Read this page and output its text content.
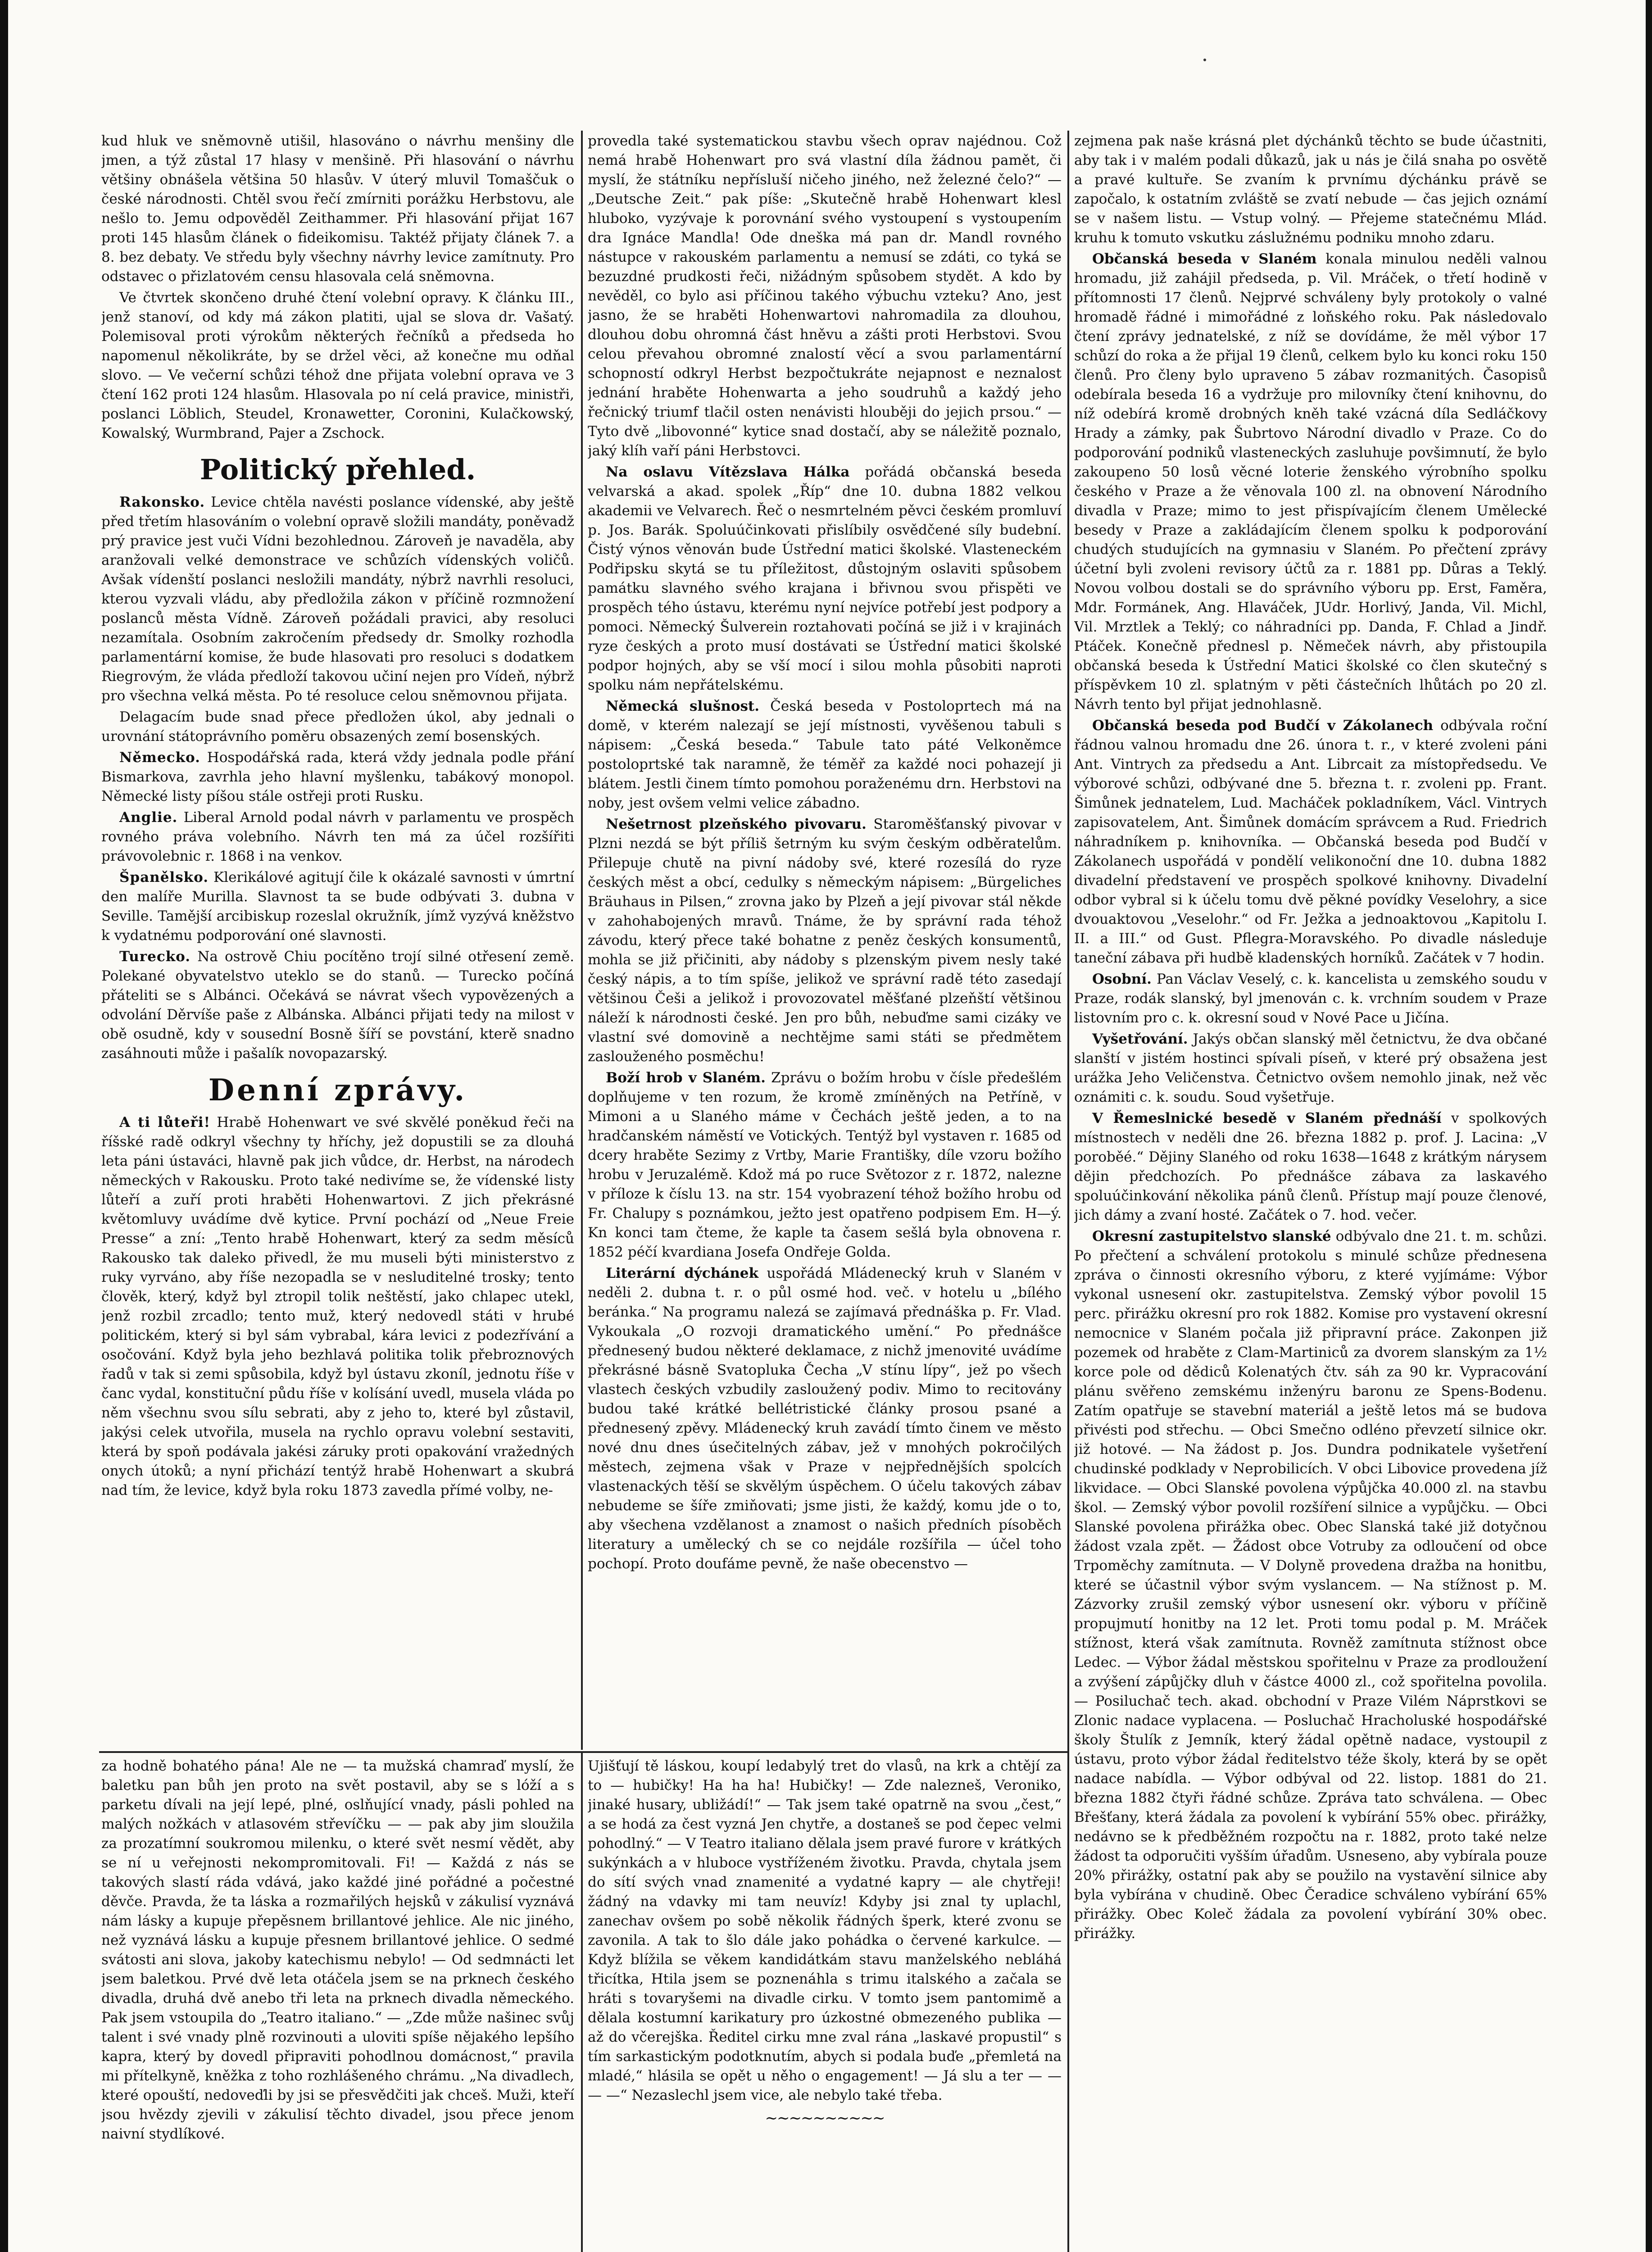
kud hluk ve sněmovně utišil, hlasováno o návrhu menšiny dle jmen, a týž zůstal 17 hlasy v menšině. Při hlasování o návrhu většiny obnášela většina 50 hlasův. V úterý mluvil Tomaščuk o české národnosti. Chtěl svou řečí zmírniti porážku Herbstovu, ale nešlo to. Jemu odpověděl Zeithammer. Při hlasování přijat 167 proti 145 hlasům článek o fideikomisu. Taktéž přijaty článek 7. a 8. bez debaty. Ve středu byly všechny návrhy levice zamítnuty. Pro odstavec o přizlatovém censu hlasovala celá sněmovna.

Ve čtvrtek skončeno druhé čtení volební opravy. K článku III., jenž stanoví, od kdy má zákon platiti, ujal se slova dr. Vašatý. Polemisoval proti výrokům některých řečníků a předseda ho napomenul několikráte, by se držel věci, až konečne mu odňal slovo. — Ve večerní schůzi téhož dne přijata volební oprava ve 3 čtení 162 proti 124 hlasům. Hlasovala po ní celá pravice, ministři, poslanci Löblich, Steudel, Kronawetter, Coronini, Kulačkowský, Kowalský, Wurmbrand, Pajer a Zschock.

Politický přehled.

Rakonsko. Levice chtěla navésti poslance vídenské, aby ještě před třetím hlasováním o volební opravě složili mandáty, poněvadž prý pravice jest vuči Vídni bezohlednou. Zároveň je navaděla, aby aranžovali velké demonstrace ve schůzích vídenských voličů. Avšak vídenští poslanci nesložili mandáty, nýbrž navrhli resoluci, kterou vyzvali vládu, aby předložila zákon v příčině rozmnožení poslanců města Vídně. Zároveň požádali pravici, aby resoluci nezamítala. Osobním zakročením předsedy dr. Smolky rozhodla parlamentární komise, že bude hlasovati pro resoluci s dodatkem Riegrovým, že vláda předloží takovou učiní nejen pro Vídeň, nýbrž pro všechna velká města. Po té resoluce celou sněmovnou přijata.

Delagacím bude snad přece předložen úkol, aby jednali o urovnání státoprávního poměru obsazených zemí bosenských.

Německo. Hospodářská rada, která vždy jednala podle přání Bismarkova, zavrhla jeho hlavní myšlenku, tabákový monopol. Německé listy píšou stále ostřeji proti Rusku.

Anglie. Liberal Arnold podal návrh v parlamentu ve prospěch rovného práva volebního. Návrh ten má za účel rozšířiti právovolebnic r. 1868 i na venkov.

Španělsko. Klerikálové agitují čile k okázalé savnosti v úmrtní den malíře Murilla. Slavnost ta se bude odbývati 3. dubna v Seville. Tamější arcibiskup rozeslal okružník, jímž vyzývá kněžstvo k vydatnému podporování oné slavnosti.

Turecko. Na ostrově Chiu pocítěno trojí silné otřesení země. Polekané obyvatelstvo uteklo se do stanů. — Turecko počíná přáteliti se s Albánci. Očekává se návrat všech vypovězených a odvolání Děrvíše paše z Albánska. Albánci přijati tedy na milost v obě osudně, kdy v sousední Bosně šíří se povstání, kterě snadno zasáhnouti může i pašalík novopazarský.

Denní zprávy.

A ti lůteři! Hrabě Hohenwart ve své skvělé poněkud řeči na říšské radě odkryl všechny ty hříchy, jež dopustili se za dlouhá leta páni ústaváci, hlavně pak jich vůdce, dr. Herbst, na národech německých v Rakousku. Proto také nedivíme se, že vídenské listy lůteří a zuří proti hraběti Hohenwartovi. Z jich překrásné květomluvy uvádíme dvě kytice. První pochází od „Neue Freie Presse“ a zní: „Tento hrabě Hohenwart, který za sedm měsíců Rakousko tak daleko přivedl, že mu museli býti ministerstvo z ruky vyrváno, aby říše nezopadla se v nesluditelné trosky; tento člověk, který, když byl ztropil tolik neštěstí, jako chlapec utekl, jenž rozbil zrcadlo; tento muž, který nedovedl státi v hrubé politickém, který si byl sám vybrabal, kára levici z podezřívání a osočování. Když byla jeho bezhlavá politika tolik přebroznových řadů v tak si zemi spůsobila, když byl ústavu zkoníl, jednotu říše v čanc vydal, konstituční půdu říše v kolísání uvedl, musela vláda po něm všechnu svou sílu sebrati, aby z jeho to, které byl zůstavil, jakýsi celek utvořila, musela na rychlo opravu volební sestaviti, která by spoň podávala jakési záruky proti opakování vražedných onych útoků; a nyní přichází tentýž hrabě Hohenwart a skubrá nad tím, že levice, když byla roku 1873 zavedla přímé volby, ne-

provedla také systematickou stavbu všech oprav najédnou. Což nemá hrabě Hohenwart pro svá vlastní díla žádnou pamět, či myslí, že státníku nepřísluší ničeho jiného, než železné čelo?“ — „Deutsche Zeit.“ pak píše: „Skutečně hrabě Hohenwart klesl hluboko, vyzývaje k porovnání svého vystoupení s vystoupením dra Ignáce Mandla! Ode dneška má pan dr. Mandl rovného nástupce v rakouském parlamentu a nemusí se zdáti, co tyká se bezuzdné prudkosti řeči, nižádným spůsobem stydět. A kdo by nevěděl, co bylo asi příčinou takého výbuchu vzteku? Ano, jest jasno, že se hraběti Hohenwartovi nahromadila za dlouhou, dlouhou dobu ohromná část hněvu a zášti proti Herbstovi. Svou celou převahou obromné znalostí věcí a svou parlamentární schopností odkryl Herbst bezpočtukráte nejapnost e neznalost jednání hraběte Hohenwarta a jeho soudruhů a každý jeho řečnický triumf tlačil osten nenávisti hlouběji do jejich prsou.“ — Tyto dvě „libovonné“ kytice snad dostačí, aby se náležitě poznalo, jaký klíh vaří páni Herbstovci.

Na oslavu Vítězslava Hálka pořádá občanská beseda velvarská a akad. spolek „Říp“ dne 10. dubna 1882 velkou akademii ve Velvarech. Řeč o nesmrtelném pěvci českém promluví p. Jos. Barák. Spoluúčinkovati přislíbily osvědčené síly budební. Čistý výnos věnován bude Ústřední matici školské. Vlasteneckém Podřipsku skytá se tu příležitost, důstojným oslaviti spůsobem památku slavného svého krajana i břivnou svou přispěti ve prospěch tého ústavu, kterému nyní nejvíce potřebí jest podpory a pomoci. Německý Šulverein roztahovati počíná se již i v krajinách ryze českých a proto musí dostávati se Ústřední matici školské podpor hojných, aby se vší mocí i silou mohla působiti naproti spolku nám nepřátelskému.

Německá slušnost. Česká beseda v Postoloprtech má na domě, v kterém nalezají se její místnosti, vyvěšenou tabuli s nápisem: „Česká beseda.“ Tabule tato páté Velkoněmce postoloprtské tak naramně, že téměř za každé noci pohazejí ji blátem. Jestli činem tímto pomohou poraženému drn. Herbstovi na noby, jest ovšem velmi velice zábadno.

Nešetrnost plzeňského pivovaru. Staroměšťanský pivovar v Plzni nezdá se být příliš šetrným ku svým českým odběratelům. Přilepuje chutě na pivní nádoby své, které rozesílá do ryze českých měst a obcí, cedulky s německým nápisem: „Bürgeliches Bräuhaus in Pilsen,“ zrovna jako by Plzeň a její pivovar stál někde v zahohabojených mravů. Tnáme, že by správní rada téhož závodu, který přece také bohatne z peněz českých konsumentů, mohla se již přičiniti, aby nádoby s plzenským pivem nesly také český nápis, a to tím spíše, jelikož ve správní radě této zasedají většinou Češi a jelikož i provozovatel měšťané plzeňští většinou náleží k národnosti české. Jen pro bůh, nebuďme sami cizáky ve vlastní své domovině a nechtějme sami státi se předmětem zaslouženého posměchu!

Boží hrob v Slaném. Zprávu o božím hrobu v čísle předešlém doplňujeme v ten rozum, že kromě zmíněných na Petříně, v Mimoni a u Slaného máme v Čechách ještě jeden, a to na hradčanském náměstí ve Votických. Tentýž byl vystaven r. 1685 od dcery hraběte Sezimy z Vrtby, Marie Františky, díle vzoru božího hrobu v Jeruzalémě. Kdož má po ruce Světozor z r. 1872, nalezne v příloze k číslu 13. na str. 154 vyobrazení téhož božího hrobu od Fr. Chalupy s poznámkou, ježto jest opatřeno podpisem Em. H—ý. Kn konci tam čteme, že kaple ta časem sešlá byla obnovena r. 1852 péčí kvardiana Josefa Ondřeje Golda.

Literární dýchánek uspořádá Mládenecký kruh v Slaném v neděli 2. dubna t. r. o půl osmé hod. več. v hotelu u „bílého beránka.“ Na programu nalezá se zajímavá přednáška p. Fr. Vlad. Vykoukala „O rozvoji dramatického umění.“ Po přednášce přednesený budou některé deklamace, z nichž jmenovité uvádíme překrásné básně Svatopluka Čecha „V stínu lípy“, jež po všech vlastech českých vzbudily zasloužený podiv. Mimo to recitovány budou také krátké bellétristické články prosou psané a přednesený zpěvy. Mládenecký kruh zavádí tímto činem ve město nové dnu dnes úsečitelných zábav, jež v mnohých pokročilých městech, zejmena však v Praze v nejpřednějších spolcích vlastenackých těší se skvělým úspěchem. O účelu takových zábav nebudeme se šíře zmiňovati; jsme jisti, že každý, komu jde o to, aby všechena vzdělanost a znamost o našich předních písoběch literatury a umělecký ch se co nejdále rozšířila — účel toho pochopí. Proto doufáme pevně, že naše obecenstvo —

zejmena pak naše krásná plet dýchánků těchto se bude účastniti, aby tak i v malém podali důkazů, jak u nás je čilá snaha po osvětě a pravé kultuře. Se zvaním k prvnímu dýchánku právě se započalo, k ostatním zvláště se zvatí nebude — čas jejich oznámí se v našem listu. — Vstup volný. — Přejeme statečnému Mlád. kruhu k tomuto vskutku záslužnému podniku mnoho zdaru.

Občanská beseda v Slaném konala minulou neděli valnou hromadu, již zahájil předseda, p. Vil. Mráček, o třetí hodině v přítomnosti 17 členů. Nejprvé schváleny byly protokoly o valné hromadě řádné i mimořádné z loňského roku. Pak následovalo čtení zprávy jednatelské, z níž se dovídáme, že měl výbor 17 schůzí do roka a že přijal 19 členů, celkem bylo ku konci roku 150 členů. Pro členy bylo upraveno 5 zábav rozmanitých. Časopisů odebírala beseda 16 a vydržuje pro milovníky čtení knihovnu, do níž odebírá kromě drobných kněh také vzácná díla Sedláčkovy Hrady a zámky, pak Šubrtovo Národní divadlo v Praze. Co do podporování podniků vlasteneckých zasluhuje povšimnutí, že bylo zakoupeno 50 losů věcné loterie ženského výrobního spolku českého v Praze a že věnovala 100 zl. na obnovení Národního divadla v Praze; mimo to jest přispívajícím členem Umělecké besedy v Praze a zakládajícím členem spolku k podporování chudých studujících na gymnasiu v Slaném. Po přečtení zprávy účetní byli zvoleni revisory účtů za r. 1881 pp. Důras a Teklý. Novou volbou dostali se do správního výboru pp. Erst, Faměra, Mdr. Formánek, Ang. Hlaváček, JUdr. Horlivý, Janda, Vil. Michl, Vil. Mrztlek a Teklý; co náhradníci pp. Danda, F. Chlad a Jindř. Ptáček. Konečně přednesl p. Němeček návrh, aby přistoupila občanská beseda k Ústřední Matici školské co člen skutečný s příspěvkem 10 zl. splatným v pěti částečních lhůtách po 20 zl. Návrh tento byl přijat jednohlasně.

Občanská beseda pod Budčí v Zákolanech odbývala roční řádnou valnou hromadu dne 26. února t. r., v které zvoleni páni Ant. Vintrych za předsedu a Ant. Librcait za místopředsedu. Ve výborové schůzi, odbývané dne 5. března t. r. zvoleni pp. Frant. Šimůnek jednatelem, Lud. Macháček pokladníkem, Václ. Vintrych zapisovatelem, Ant. Šimůnek domácím správcem a Rud. Friedrich náhradníkem p. knihovníka. — Občanská beseda pod Budčí v Zákolanech uspořádá v pondělí velikonoční dne 10. dubna 1882 divadelní představení ve prospěch spolkové knihovny. Divadelní odbor vybral si k účelu tomu dvě pěkné povídky Veselohry, a sice dvouaktovou „Veselohr.“ od Fr. Ježka a jednoaktovou „Kapitolu I. II. a III.“ od Gust. Pflegra-Moravského. Po divadle následuje taneční zábava při hudbě kladenských horníků. Začátek v 7 hodin.

Osobní. Pan Václav Veselý, c. k. kancelista u zemského soudu v Praze, rodák slanský, byl jmenován c. k. vrchním soudem v Praze listovním pro c. k. okresní soud v Nové Pace u Jičína.

Vyšetřování. Jakýs občan slanský měl četnictvu, že dva občané slanští v jistém hostinci spívali píseň, v které prý obsažena jest urážka Jeho Veličenstva. Četnictvo ovšem nemohlo jinak, než věc oznámiti c. k. soudu. Soud vyšetřuje.

V Řemeslnické besedě v Slaném přednáší v spolkových místnostech v neděli dne 26. března 1882 p. prof. J. Lacina: „V poroběé.“ Dějiny Slaného od roku 1638—1648 z krátkým nárysem dějin předchozích. Po přednášce zábava za laskavého spoluúčinkování několika pánů členů. Přístup mají pouze členové, jich dámy a zvaní hosté. Začátek o 7. hod. večer.

Okresní zastupitelstvo slanské odbývalo dne 21. t. m. schůzi. Po přečtení a schválení protokolu s minulé schůze přednesena zpráva o činnosti okresního výboru, z které vyjímáme: Výbor vykonal usnesení okr. zastupitelstva. Zemský výbor povolil 15 perc. přirážku okresní pro rok 1882. Komise pro vystavení okresní nemocnice v Slaném počala již připravní práce. Zakonpen již pozemek od hraběte z Clam-Martiniců za dvorem slanským za 1½ korce pole od dědiců Kolenatých čtv. sáh za 90 kr. Vypracování plánu svěřeno zemskému inženýru baronu ze Spens-Bodenu. Zatím opatřuje se stavební materiál a ještě letos má se budova přivésti pod střechu. — Obci Smečno odléno převzetí silnice okr. již hotové. — Na žádost p. Jos. Dundra podnikatele vyšetření chudinské podklady v Neprobilicích. V obci Libovice provedena jíž likvidace. — Obci Slanské povolena výpůjčka 40.000 zl. na stavbu škol. — Zemský výbor povolil rozšíření silnice a vypůjčku. — Obci Slanské povolena přirážka obec. Obec Slanská také již dotyčnou žádost vzala zpět. — Žádost obce Votruby za odloučení od obce Trpoměchy zamítnuta. — V Dolyně provedena dražba na honitbu, které se účastnil výbor svým vyslancem. — Na stížnost p. M. Zázvorky zrušil zemský výbor usnesení okr. výboru v příčině propujmutí honitby na 12 let. Proti tomu podal p. M. Mráček stížnost, která však zamítnuta. Rovněž zamítnuta stížnost obce Ledec. — Výbor žádal městskou spořitelnu v Praze za prodloužení a zvýšení zápůjčky dluh v částce 4000 zl., což spořitelna povolila. — Posiluchač tech. akad. obchodní v Praze Vilém Náprstkovi se Zlonic nadace vyplacena. — Posluchač Hracholuské hospodářské školy Štulík z Jemník, který žádal opětně nadace, vystoupil z ústavu, proto výbor žádal ředitelstvo téže školy, která by se opět nadace nabídla. — Výbor odbýval od 22. listop. 1881 do 21. března 1882 čtyři řádné schůze. Zpráva tato schválena. — Obec Břešťany, která žádala za povolení k vybírání 55% obec. přirážky, nedávno se k předběžném rozpočtu na r. 1882, proto také nelze žádost ta odporučiti vyšším úřadům. Usneseno, aby vybírala pouze 20% přirážky, ostatní pak aby se použilo na vystavění silnice aby byla vybírána v chudině. Obec Čeradice schváleno vybírání 65% přirážky. Obec Koleč žádala za povolení vybírání 30% obec. přirážky.

za hodně bohatého pána! Ale ne — ta mužská chamraď myslí, že baletku pan bůh jen proto na svět postavil, aby se s lóží a s parketu dívali na její lepé, plné, oslňující vnady, pásli pohled na malých nožkách v atlasovém střevíčku — — pak aby jim sloužila za prozatímní soukromou milenku, o které svět nesmí vědět, aby se ní u veřejnosti nekompromitovali. Fi! — Každá z nás se takových slastí ráda vdává, jako každé jiné pořádné a počestné děvče. Pravda, že ta láska a rozmařilých hejsků v zákulisí vyznává nám lásky a kupuje přepěsnem brillantové jehlice. Ale nic jiného, než vyznává lásku a kupuje přesnem brillantové jehlice. O sedmé svátosti ani slova, jakoby katechismu nebylo! — Od sedmnácti let jsem baletkou. Prvé dvě leta otáčela jsem se na prknech českého divadla, druhá dvě anebo tři leta na prknech divadla německého. Pak jsem vstoupila do „Teatro italiano.“ — „Zde může našinec svůj talent i své vnady plně rozvinouti a uloviti spíše nějakého lepšího kapra, který by dovedl připraviti pohodlnou domácnost,“ pravila mi přítelkyně, kněžka z toho rozhlášeného chrámu. „Na divadlech, které opouští, nedoveďli by jsi se přesvědčiti jak chceš. Muži, kteří jsou hvězdy zjevili v zákulisí těchto divadel, jsou přece jenom naivní stydlíkové.

Ujišťují tě láskou, koupí ledabylý tret do vlasů, na krk a chtějí za to — hubičky! Ha ha ha! Hubičky! — Zde nalezneš, Veroniko, jinaké husary, ubližádí!“ — Tak jsem také opatrně na svou „čest,“ a se hodá za čest vyzná Jen chytře, a dostaneš se pod čepec velmi pohodlný.“ — V Teatro italiano dělala jsem pravé furore v krátkých sukýnkách a v hluboce vystříženém životku. Pravda, chytala jsem do sítí svých vnad znamenité a vydatné kapry — ale chytřeji! žádný na vdavky mi tam neuvíz! Kdyby jsi znal ty uplachl, zanechav ovšem po sobě několik řádných šperk, které zvonu se zavonila. A tak to šlo dále jako pohádka o červené karkulce. — Když blížila se věkem kandidátkám stavu manželského nebláhá třicítka, Htila jsem se poznenáhla s trimu italského a začala se hráti s tovaryšemi na divadle cirku. V tomto jsem pantomimě a dělala kostumní karikatury pro úzkostné obmezeného publika — až do včerejška. Ředitel cirku mne zval rána „laskavé propustil“ s tím sarkastickým podotknutím, abych si podala buďe „přemletá na mladé,“ hlásila se opět u něho o engagement! — Já slu a ter — — — —“ Nezaslechl jsem vice, ale nebylo také třeba.

∼∼∼∼∼∼∼∼∼∼
